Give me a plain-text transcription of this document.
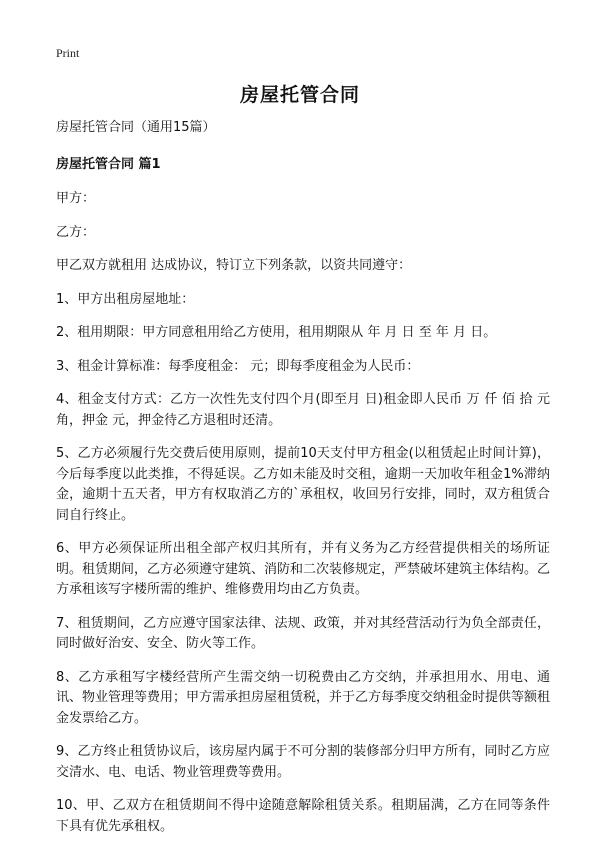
Print
房屋托管合同
房屋托管合同（通用15篇）
房屋托管合同 篇1
甲方：
乙方：
甲乙双方就租用 达成协议，特订立下列条款，以资共同遵守：
1、甲方出租房屋地址：
2、租用期限：甲方同意租用给乙方使用，租用期限从 年 月 日 至 年 月 日。
3、租金计算标准：每季度租金： 元；即每季度租金为人民币：
4、租金支付方式：乙方一次性先支付四个月(即至月 日)租金即人民币 万 仟 佰 拾 元 角，押金 元，押金待乙方退租时还清。
5、乙方必须履行先交费后使用原则，提前10天支付甲方租金(以租赁起止时间计算)，今后每季度以此类推，不得延误。乙方如未能及时交租，逾期一天加收年租金1%滞纳金，逾期十五天者，甲方有权取消乙方的`承租权，收回另行安排，同时，双方租赁合同自行终止。
6、甲方必须保证所出租全部产权归其所有，并有义务为乙方经营提供相关的场所证明。租赁期间，乙方必须遵守建筑、消防和二次装修规定，严禁破坏建筑主体结构。乙方承租该写字楼所需的维护、维修费用均由乙方负责。
7、租赁期间，乙方应遵守国家法律、法规、政策，并对其经营活动行为负全部责任，同时做好治安、安全、防火等工作。
8、乙方承租写字楼经营所产生需交纳一切税费由乙方交纳，并承担用水、用电、通讯、物业管理等费用；甲方需承担房屋租赁税，并于乙方每季度交纳租金时提供等额租金发票给乙方。
9、乙方终止租赁协议后，该房屋内属于不可分割的装修部分归甲方所有，同时乙方应交清水、电、电话、物业管理费等费用。
10、甲、乙双方在租赁期间不得中途随意解除租赁关系。租期届满，乙方在同等条件下具有优先承租权。
